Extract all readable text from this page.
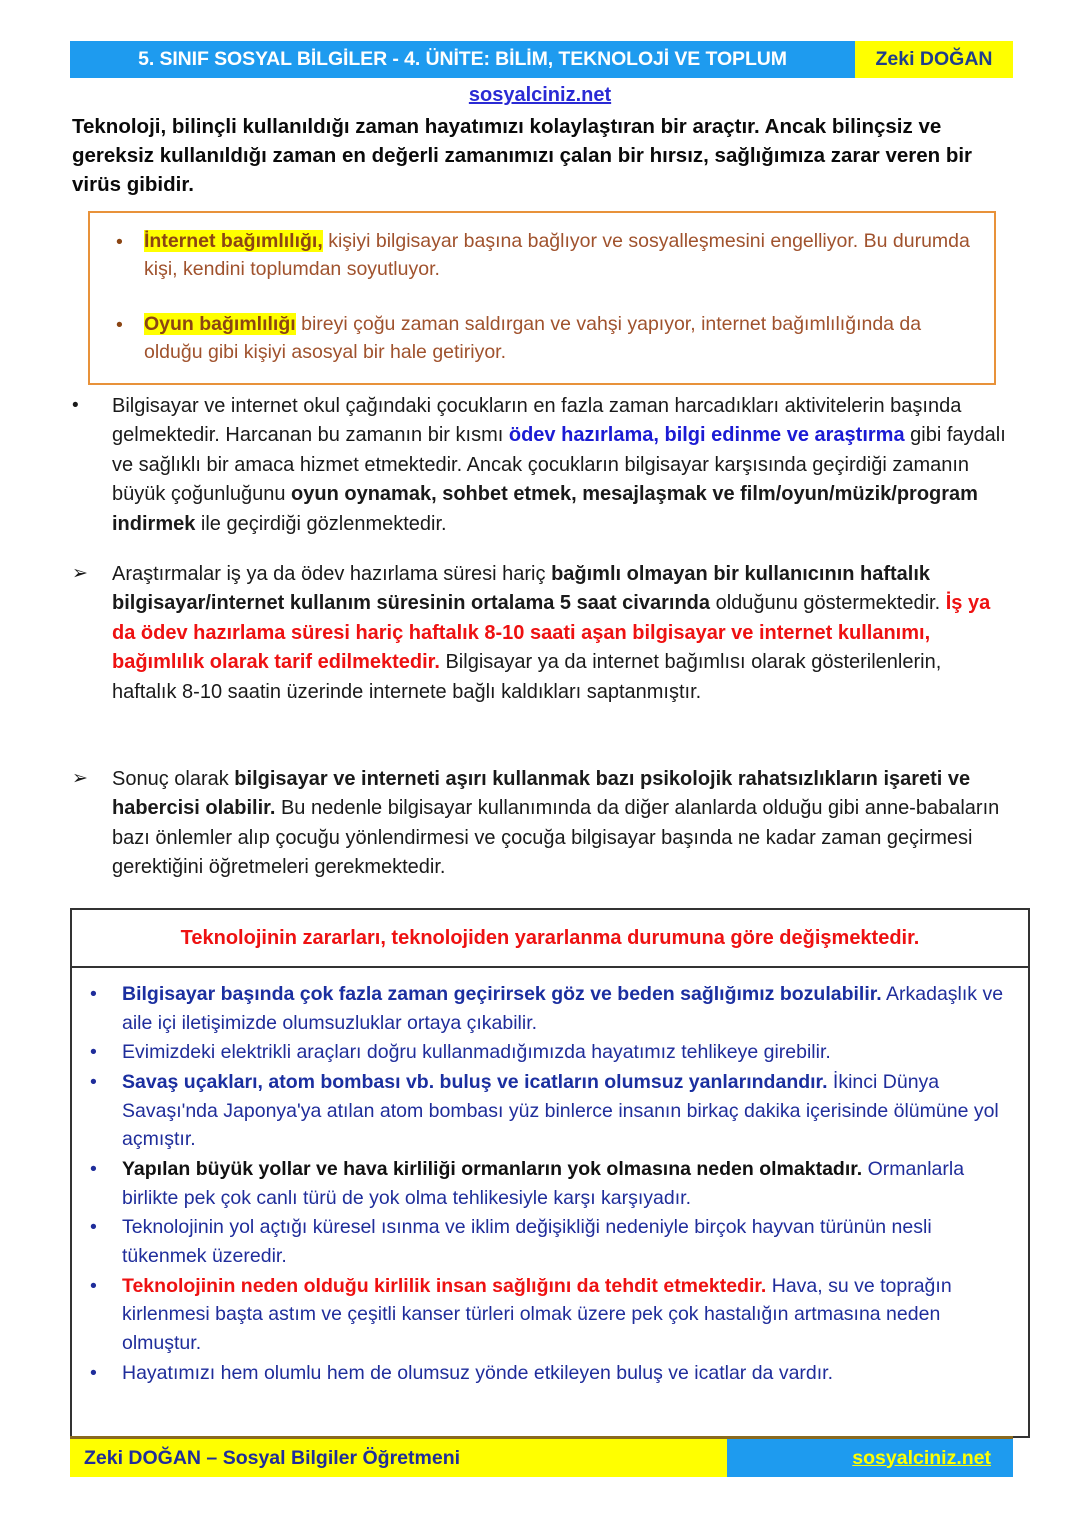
5. SINIF SOSYAL BİLGİLER - 4. ÜNİTE: BİLİM, TEKNOLOJİ VE TOPLUM	Zeki DOĞAN
sosyalciniz.net
Teknoloji, bilinçli kullanıldığı zaman hayatımızı kolaylaştıran bir araçtır. Ancak bilinçsiz ve gereksiz kullanıldığı zaman en değerli zamanımızı çalan bir hırsız, sağlığımıza zarar veren bir virüs gibidir.
• İnternet bağımlılığı, kişiyi bilgisayar başına bağlıyor ve sosyalleşmesini engelliyor. Bu durumda kişi, kendini toplumdan soyutluyor.
• Oyun bağımlılığı bireyi çoğu zaman saldırgan ve vahşi yapıyor, internet bağımlılığında da olduğu gibi kişiyi asosyal bir hale getiriyor.
•	Bilgisayar ve internet okul çağındaki çocukların en fazla zaman harcadıkları aktivitelerin başında gelmektedir. Harcanan bu zamanın bir kısmı ödev hazırlama, bilgi edinme ve araştırma gibi faydalı ve sağlıklı bir amaca hizmet etmektedir. Ancak çocukların bilgisayar karşısında geçirdiği zamanın büyük çoğunluğunu oyun oynamak, sohbet etmek, mesajlaşmak ve film/oyun/müzik/program indirmek ile geçirdiği gözlenmektedir.
➢	Araştırmalar iş ya da ödev hazırlama süresi hariç bağımlı olmayan bir kullanıcının haftalık bilgisayar/internet kullanım süresinin ortalama 5 saat civarında olduğunu göstermektedir. İş ya da ödev hazırlama süresi hariç haftalık 8-10 saati aşan bilgisayar ve internet kullanımı, bağımlılık olarak tarif edilmektedir. Bilgisayar ya da internet bağımlısı olarak gösterilenlerin, haftalık 8-10 saatin üzerinde internete bağlı kaldıkları saptanmıştır.
➢	Sonuç olarak bilgisayar ve interneti aşırı kullanmak bazı psikolojik rahatsızlıkların işareti ve habercisi olabilir. Bu nedenle bilgisayar kullanımında da diğer alanlarda olduğu gibi anne-babaların bazı önlemler alıp çocuğu yönlendirmesi ve çocuğa bilgisayar başında ne kadar zaman geçirmesi gerektiğini öğretmeleri gerekmektedir.
Teknolojinin zararları, teknolojiden yararlanma durumuna göre değişmektedir.
• Bilgisayar başında çok fazla zaman geçirirsek göz ve beden sağlığımız bozulabilir. Arkadaşlık ve aile içi iletişimizde olumsuzluklar ortaya çıkabilir.
• Evimizdeki elektrikli araçları doğru kullanmadığımızda hayatımız tehlikeye girebilir.
• Savaş uçakları, atom bombası vb. buluş ve icatların olumsuz yanlarındandır. İkinci Dünya Savaşı'nda Japonya'ya atılan atom bombası yüz binlerce insanın birkaç dakika içerisinde ölümüne yol açmıştır.
• Yapılan büyük yollar ve hava kirliliği ormanların yok olmasına neden olmaktadır. Ormanlarla birlikte pek çok canlı türü de yok olma tehlikesiyle karşı karşıyadır.
• Teknolojinin yol açtığı küresel ısınma ve iklim değişikliği nedeniyle birçok hayvan türünün nesli tükenmek üzeredir.
• Teknolojinin neden olduğu kirlilik insan sağlığını da tehdit etmektedir. Hava, su ve toprağın kirlenmesi başta astım ve çeşitli kanser türleri olmak üzere pek çok hastalığın artmasına neden olmuştur.
• Hayatımızı hem olumlu hem de olumsuz yönde etkileyen buluş ve icatlar da vardır.
Zeki DOĞAN – Sosyal Bilgiler Öğretmeni	sosyalciniz.net
